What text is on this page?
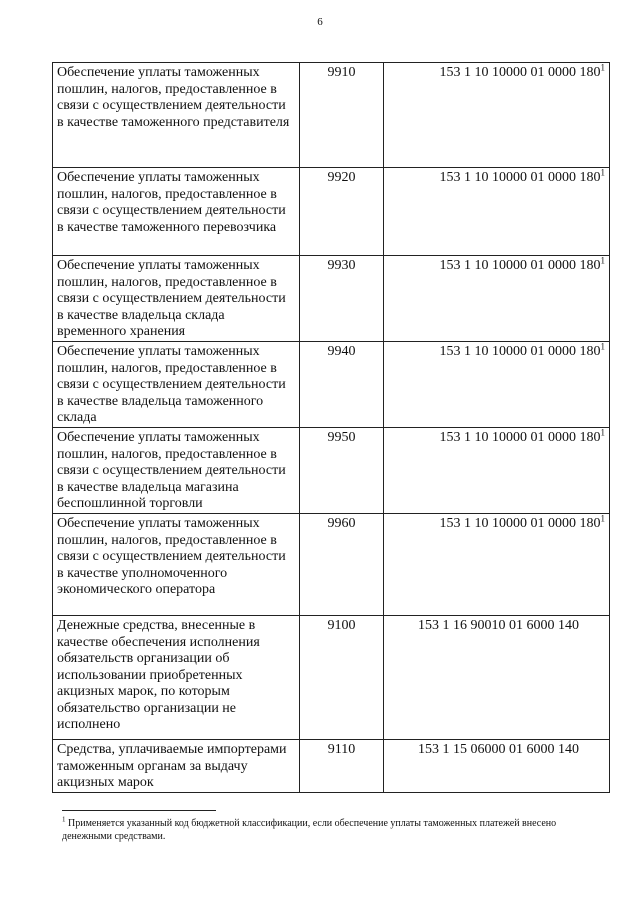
6
Обеспечение уплаты таможенных пошлин, налогов, предоставленное в связи с осуществлением деятельности в качестве таможенного представителя	9910	153 1 10 10000 01 0000 $180^1$
Обеспечение уплаты таможенных пошлин, налогов, предоставленное в связи с осуществлением деятельности в качестве таможенного перевозчика	9920	153 1 10 10000 01 0000 $180^1$
Обеспечение уплаты таможенных пошлин, налогов, предоставленное в связи с осуществлением деятельности в качестве владельца склада временного хранения	9930	153 1 10 10000 01 0000 $180^1$
Обеспечение уплаты таможенных пошлин, налогов, предоставленное в связи с осуществлением деятельности в качестве владельца таможенного склада	9940	153 1 10 10000 01 0000 $180^1$
Обеспечение уплаты таможенных пошлин, налогов, предоставленное в связи с осуществлением деятельности в качестве владельца магазина беспошлинной торговли	9950	153 1 10 10000 01 0000 $180^1$
Обеспечение уплаты таможенных пошлин, налогов, предоставленное в связи с осуществлением деятельности в качестве уполномоченного экономического оператора	9960	153 1 10 10000 01 0000 $180^1$
Денежные средства, внесенные в качестве обеспечения исполнения обязательств организации об использовании приобретенных акцизных марок, по которым обязательство организации не исполнено	9100	153 1 16 90010 01 6000 140
Средства, уплачиваемые импортерами таможенным органам за выдачу акцизных марок	9110	153 1 15 06000 01 6000 140
$^1$ Применяется указанный код бюджетной классификации, если обеспечение уплаты таможенных платежей внесено денежными средствами.
